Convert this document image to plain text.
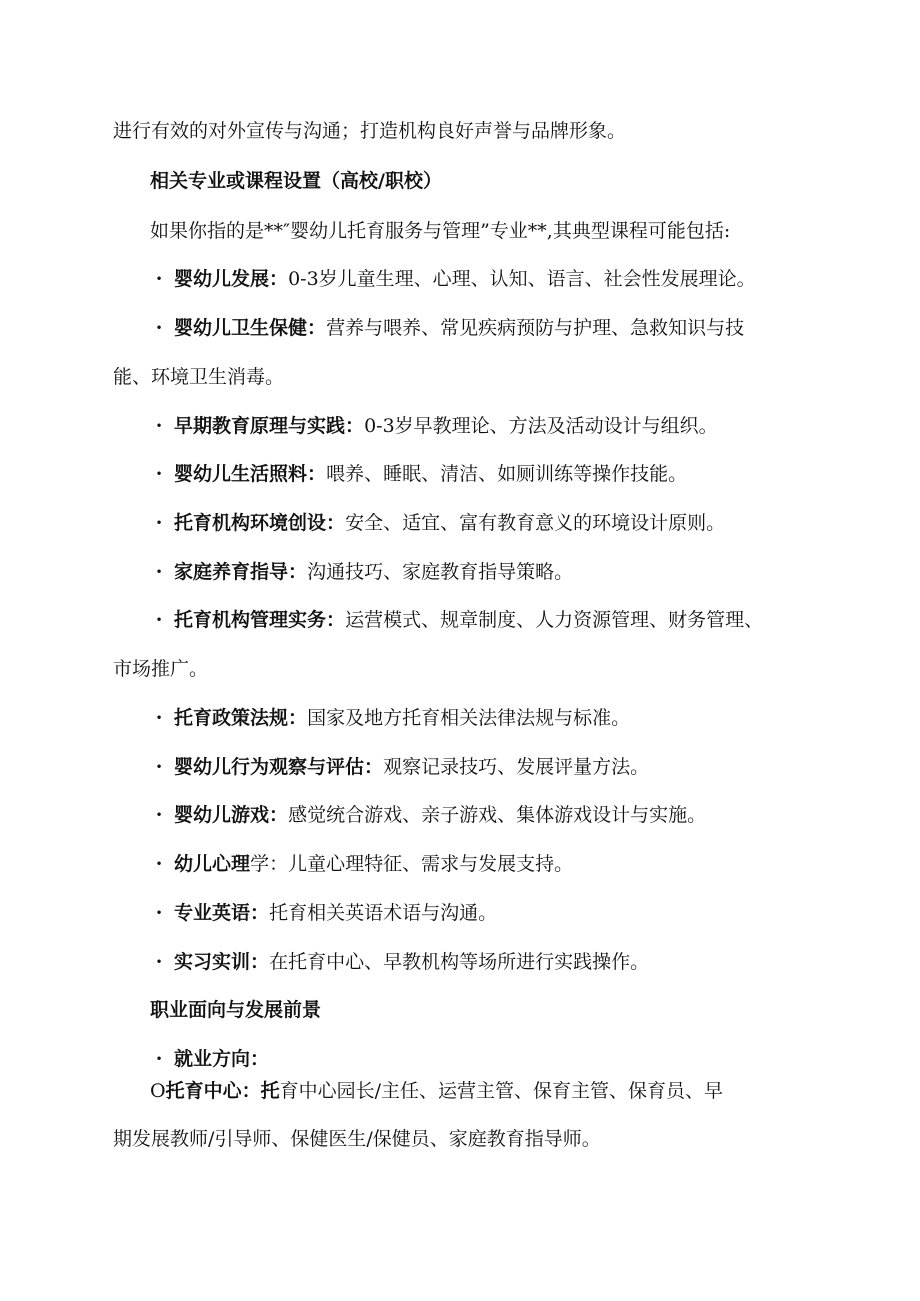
进行有效的对外宣传与沟通；打造机构良好声誉与品牌形象。
相关专业或课程设置（高校/职校）
如果你指的是**″婴幼儿托育服务与管理”专业**,其典型课程可能包括:
· 婴幼儿发展：0-3岁儿童生理、心理、认知、语言、社会性发展理论。
· 婴幼儿卫生保健：营养与喂养、常见疾病预防与护理、急救知识与技
能、环境卫生消毒。
· 早期教育原理与实践：0-3岁早教理论、方法及活动设计与组织。
· 婴幼儿生活照料：喂养、睡眠、清洁、如厕训练等操作技能。
· 托育机构环境创设：安全、适宜、富有教育意义的环境设计原则。
· 家庭养育指导：沟通技巧、家庭教育指导策略。
· 托育机构管理实务：运营模式、规章制度、人力资源管理、财务管理、
市场推广。
· 托育政策法规：国家及地方托育相关法律法规与标准。
· 婴幼儿行为观察与评估：观察记录技巧、发展评量方法。
· 婴幼儿游戏：感觉统合游戏、亲子游戏、集体游戏设计与实施。
· 幼儿心理学：儿童心理特征、需求与发展支持。
· 专业英语：托育相关英语术语与沟通。
· 实习实训：在托育中心、早教机构等场所进行实践操作。
职业面向与发展前景
· 就业方向：
O托育中心：托育中心园长/主任、运营主管、保育主管、保育员、早
期发展教师/引导师、保健医生/保健员、家庭教育指导师。
